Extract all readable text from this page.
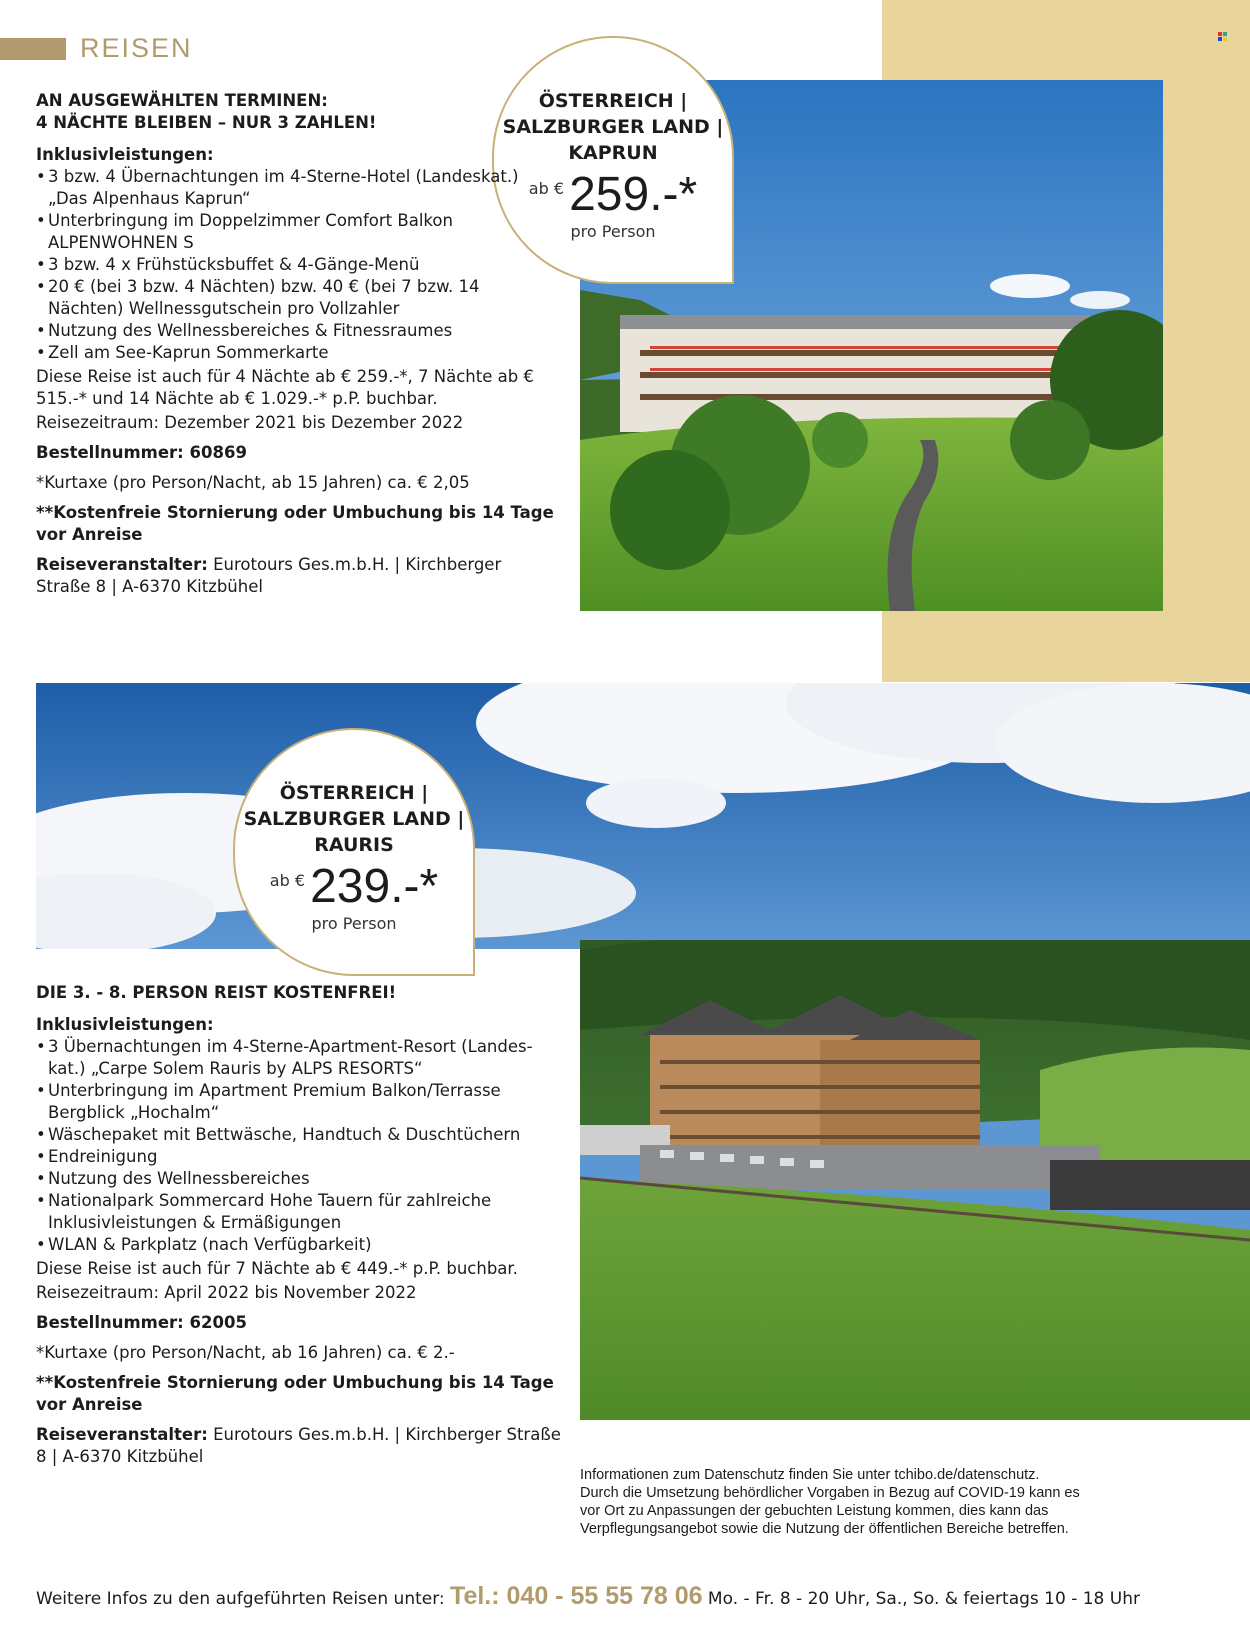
REISEN
ÖSTERREICH |
SALZBURGER LAND |
KAPRUN
ab € 259.-*
pro Person
AN AUSGEWÄHLTEN TERMINEN:
4 NÄCHTE BLEIBEN – NUR 3 ZAHLEN!
Inklusivleistungen:
• 3 bzw. 4 Übernachtungen im 4-Sterne-Hotel (Landeskat.) „Das Alpenhaus Kaprun“
• Unterbringung im Doppelzimmer Comfort Balkon ALPENWOHNEN S
• 3 bzw. 4 x Frühstücksbuffet & 4-Gänge-Menü
• 20 € (bei 3 bzw. 4 Nächten) bzw. 40 € (bei 7 bzw. 14 Nächten) Wellnessgutschein pro Vollzahler
• Nutzung des Wellnessbereiches & Fitnessraumes
• Zell am See-Kaprun Sommerkarte
Diese Reise ist auch für 4 Nächte ab € 259.-*, 7 Nächte ab € 515.-* und 14 Nächte ab € 1.029.-* p.P. buchbar.
Reisezeitraum: Dezember 2021 bis Dezember 2022
Bestellnummer: 60869
*Kurtaxe (pro Person/Nacht, ab 15 Jahren) ca. € 2,05
**Kostenfreie Stornierung oder Umbuchung bis 14 Tage vor Anreise
Reiseveranstalter: Eurotours Ges.m.b.H. | Kirchberger Straße 8 | A-6370 Kitzbühel
ÖSTERREICH |
SALZBURGER LAND |
RAURIS
ab € 239.-*
pro Person
DIE 3. - 8. PERSON REIST KOSTENFREI!
Inklusivleistungen:
• 3 Übernachtungen im 4-Sterne-Apartment-Resort (Landes-kat.) „Carpe Solem Rauris by ALPS RESORTS“
• Unterbringung im Apartment Premium Balkon/Terrasse Bergblick „Hochalm“
• Wäschepaket mit Bettwäsche, Handtuch & Duschtüchern
• Endreinigung
• Nutzung des Wellnessbereiches
• Nationalpark Sommercard Hohe Tauern für zahlreiche Inklusivleistungen & Ermäßigungen
• WLAN & Parkplatz (nach Verfügbarkeit)
Diese Reise ist auch für 7 Nächte ab € 449.-* p.P. buchbar.
Reisezeitraum: April 2022 bis November 2022
Bestellnummer: 62005
*Kurtaxe (pro Person/Nacht, ab 16 Jahren) ca. € 2.-
**Kostenfreie Stornierung oder Umbuchung bis 14 Tage vor Anreise
Reiseveranstalter: Eurotours Ges.m.b.H. | Kirchberger Straße 8 | A-6370 Kitzbühel
Informationen zum Datenschutz finden Sie unter tchibo.de/datenschutz.
Durch die Umsetzung behördlicher Vorgaben in Bezug auf COVID-19 kann es
vor Ort zu Anpassungen der gebuchten Leistung kommen, dies kann das
Verpflegungsangebot sowie die Nutzung der öffentlichen Bereiche betreffen.
Weitere Infos zu den aufgeführten Reisen unter: Tel.: 040 - 55 55 78 06 Mo. - Fr. 8 - 20 Uhr, Sa., So. & feiertags 10 - 18 Uhr
